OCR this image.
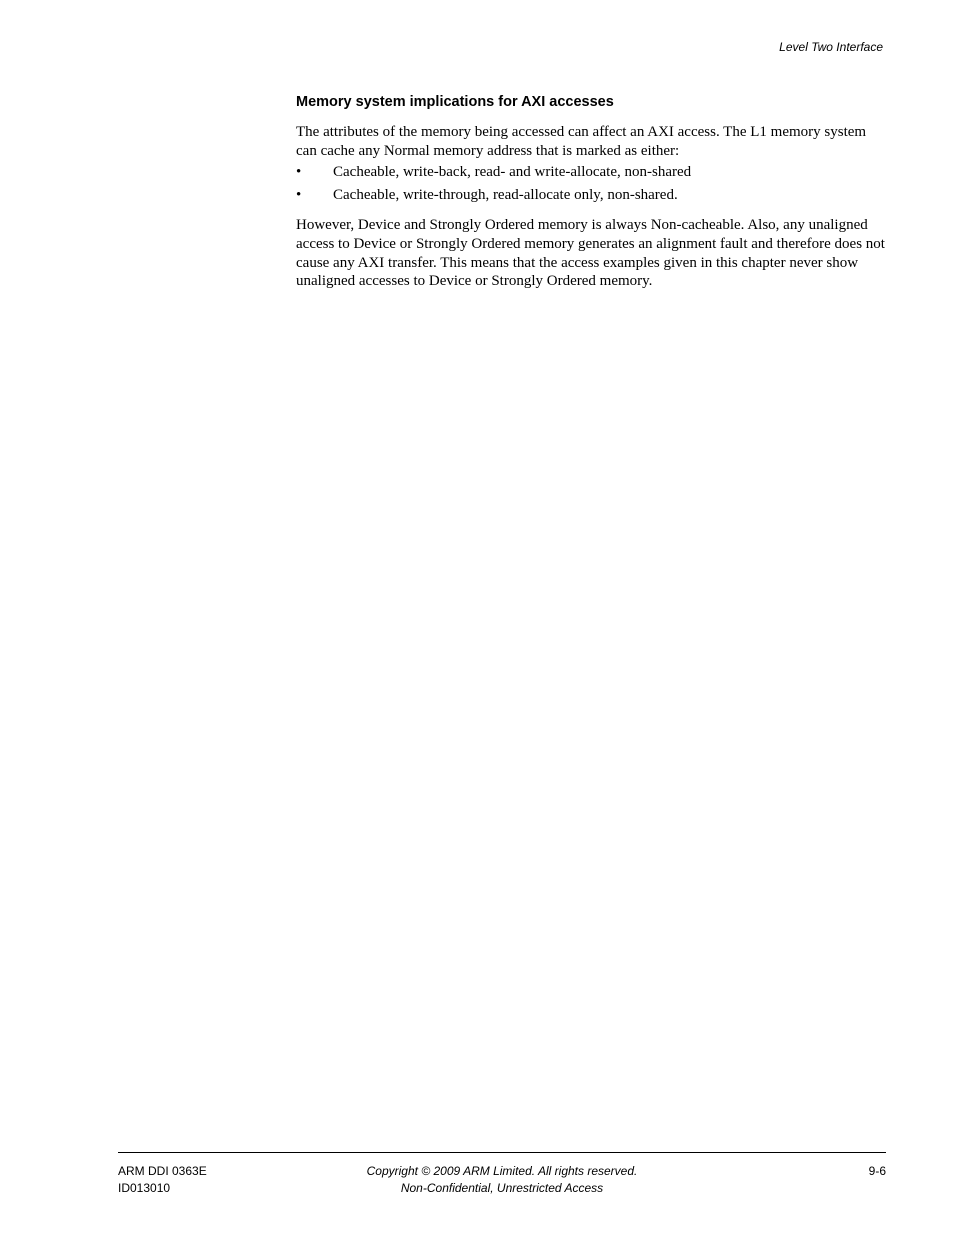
Level Two Interface
Memory system implications for AXI accesses

The attributes of the memory being accessed can affect an AXI access. The L1 memory system can cache any Normal memory address that is marked as either:

• Cacheable, write-back, read- and write-allocate, non-shared
• Cacheable, write-through, read-allocate only, non-shared.

However, Device and Strongly Ordered memory is always Non-cacheable. Also, any unaligned access to Device or Strongly Ordered memory generates an alignment fault and therefore does not cause any AXI transfer. This means that the access examples given in this chapter never show unaligned accesses to Device or Strongly Ordered memory.

ARM DDI 0363E
ID013010
Copyright © 2009 ARM Limited. All rights reserved.
Non-Confidential, Unrestricted Access
9-6
